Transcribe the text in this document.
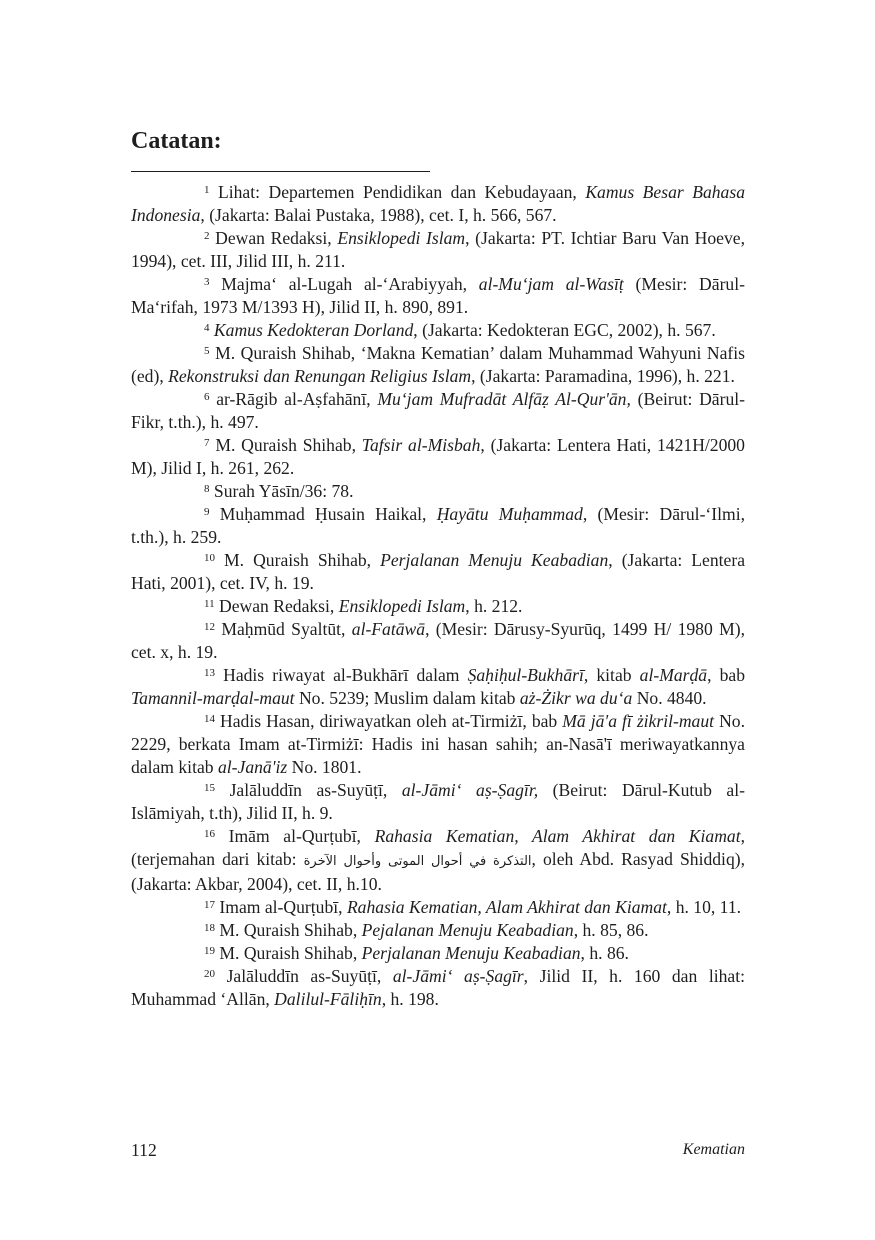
Catatan:

$^1$ Lihat: Departemen Pendidikan dan Kebudayaan, Kamus Besar Bahasa Indonesia, (Jakarta: Balai Pustaka, 1988), cet. I, h. 566, 567.

$^2$ Dewan Redaksi, Ensiklopedi Islam, (Jakarta: PT. Ichtiar Baru Van Hoeve, 1994), cet. III, Jilid III, h. 211.

$^3$ Majma‘ al-Lugah al-‘Arabiyyah, al-Mu‘jam al-Wasīṭ (Mesir: Dārul-Ma‘rifah, 1973 M/1393 H), Jilid II, h. 890, 891.

$^4$ Kamus Kedokteran Dorland, (Jakarta: Kedokteran EGC, 2002), h. 567.

$^5$ M. Quraish Shihab, ‘Makna Kematian’ dalam Muhammad Wahyuni Nafis (ed), Rekonstruksi dan Renungan Religius Islam, (Jakarta: Paramadina, 1996), h. 221.

$^6$ ar-Rāgib al-Aṣfahānī, Mu‘jam Mufradāt Alfāẓ Al-Qur'ān, (Beirut: Dārul-Fikr, t.th.), h. 497.

$^7$ M. Quraish Shihab, Tafsir al-Misbah, (Jakarta: Lentera Hati, 1421H/2000 M), Jilid I, h. 261, 262.

$^8$ Surah Yāsīn/36: 78.

$^9$ Muḥammad Ḥusain Haikal, Ḥayātu Muḥammad, (Mesir: Dārul-‘Ilmi, t.th.), h. 259.

$^{10}$ M. Quraish Shihab, Perjalanan Menuju Keabadian, (Jakarta: Lentera Hati, 2001), cet. IV, h. 19.

$^{11}$ Dewan Redaksi, Ensiklopedi Islam, h. 212.

$^{12}$ Maḥmūd Syaltūt, al-Fatāwā, (Mesir: Dārusy-Syurūq, 1499 H/ 1980 M), cet. x, h. 19.

$^{13}$ Hadis riwayat al-Bukhārī dalam Ṣaḥiḥul-Bukhārī, kitab al-Marḍā, bab Tamannil-marḍal-maut No. 5239; Muslim dalam kitab aż-Żikr wa du‘a No. 4840.

$^{14}$ Hadis Hasan, diriwayatkan oleh at-Tirmiżī, bab Mā jā'a fī żikril-maut No. 2229, berkata Imam at-Tirmiżī: Hadis ini hasan sahih; an-Nasā'ī meriwayatkannya dalam kitab al-Janā'iz No. 1801.

$^{15}$ Jalāluddīn as-Suyūṭī, al-Jāmi‘ aṣ-Ṣagīr, (Beirut: Dārul-Kutub al-Islāmiyah, t.th), Jilid II, h. 9.

$^{16}$ Imām al-Qurṭubī, Rahasia Kematian, Alam Akhirat dan Kiamat, (terjemahan dari kitab: التذكرة في أحوال الموتى وأحوال الآخرة, oleh Abd. Rasyad Shiddiq), (Jakarta: Akbar, 2004), cet. II, h.10.

$^{17}$ Imam al-Qurṭubī, Rahasia Kematian, Alam Akhirat dan Kiamat, h. 10, 11.

$^{18}$ M. Quraish Shihab, Pejalanan Menuju Keabadian, h. 85, 86.

$^{19}$ M. Quraish Shihab, Perjalanan Menuju Keabadian, h. 86.

$^{20}$ Jalāluddīn as-Suyūṭī, al-Jāmi‘ aṣ-Ṣagīr, Jilid II, h. 160 dan lihat: Muhammad ‘Allān, Dalilul-Fāliḥīn, h. 198.

112	Kematian
